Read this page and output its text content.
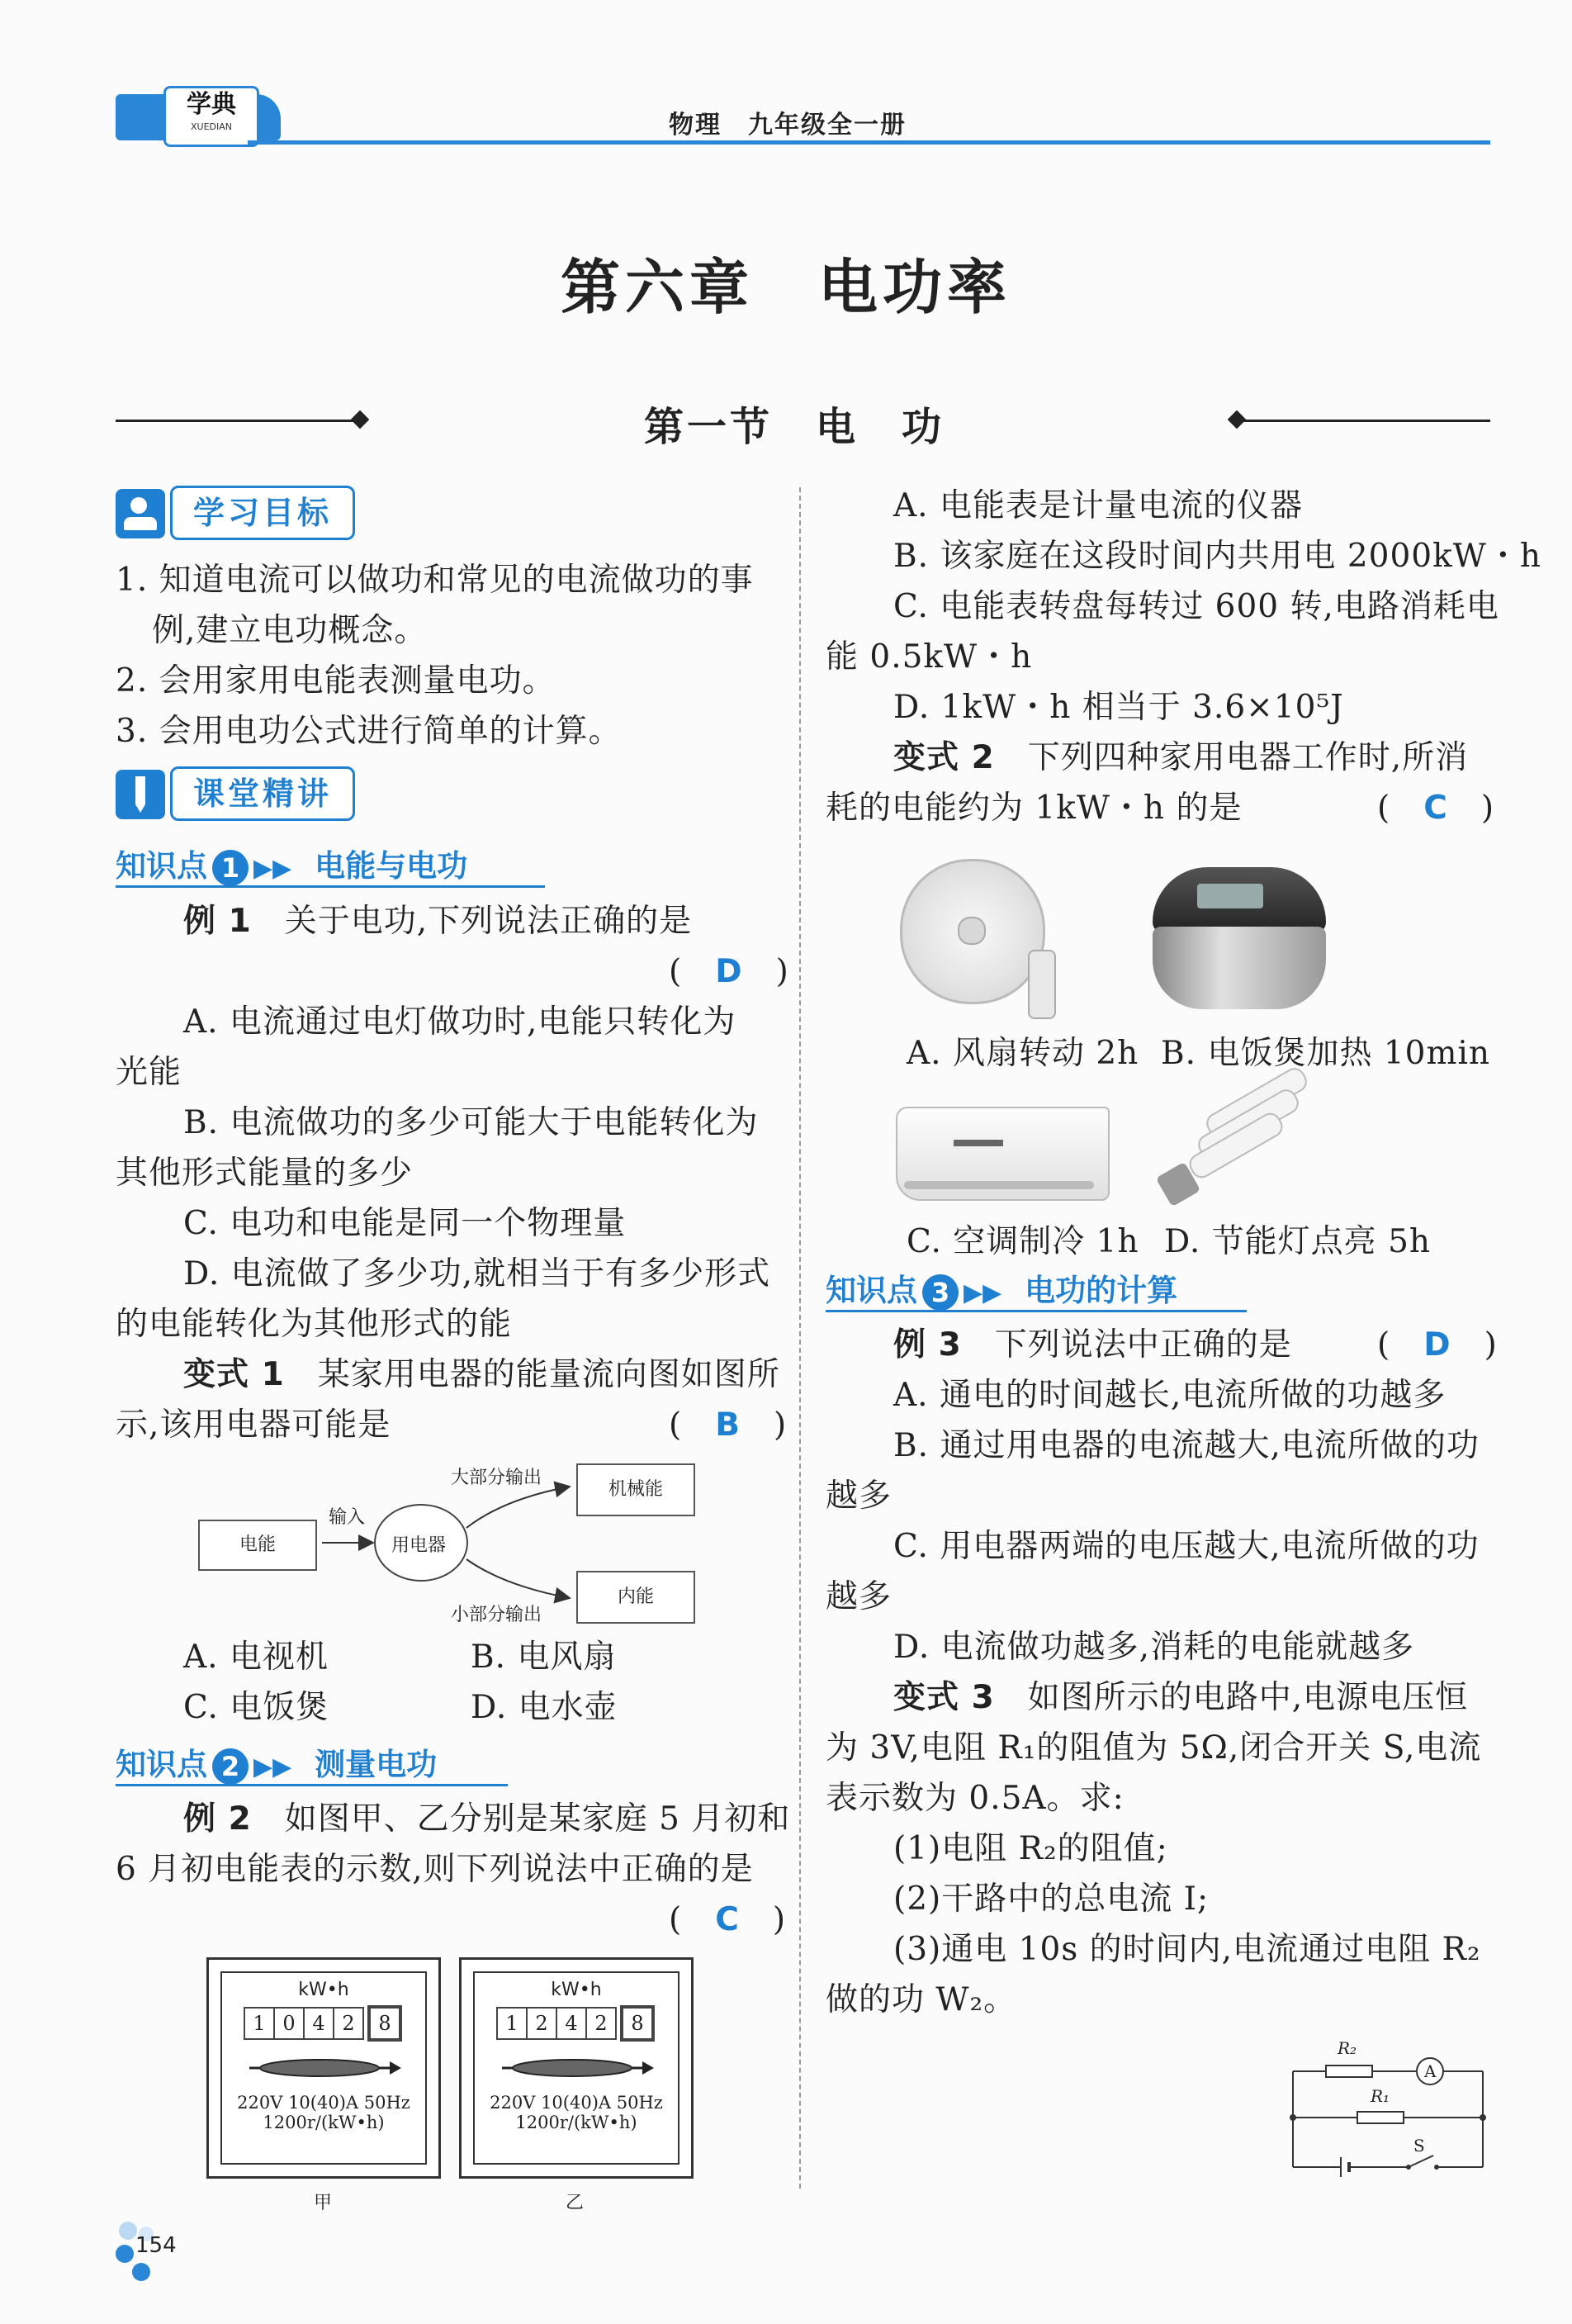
学典
XUEDIAN	物理　九年级全一册
第六章　电功率
第一节　电　功
学习目标
1. 知道电流可以做功和常见的电流做功的事
例,建立电功概念。
2. 会用家用电能表测量电功。
3. 会用电功公式进行简单的计算。
课堂精讲
知识点 1 ▶▶ 电能与电功
例 1　 关于电功,下列说法正确的是
(　D　)
A. 电流通过电灯做功时,电能只转化为
光能
B. 电流做功的多少可能大于电能转化为
其他形式能量的多少
C. 电功和电能是同一个物理量
D. 电流做了多少功,就相当于有多少形式
的电能转化为其他形式的能
变式 1　 某家用电器的能量流向图如图所
示,该用电器可能是	(　B　)
电能
输入
用电器
大部分输出
小部分输出
机械能
内能
A. 电视机	B. 电风扇
C. 电饭煲	D. 电水壶
知识点 2 ▶▶ 测量电功
例 2　 如图甲、乙分别是某家庭 5 月初和
6 月初电能表的示数,则下列说法中正确的是
(　C　)
kW•h
1 0 4 2 8
220V 10(40)A 50Hz
1200r/(kW•h)
甲
kW•h
1 2 4 2 8
220V 10(40)A 50Hz
1200r/(kW•h)
乙
154
A. 电能表是计量电流的仪器
B. 该家庭在这段时间内共用电 2000kW・h
C. 电能表转盘每转过 600 转,电路消耗电
能 0.5kW・h
D. 1kW・h 相当于 3.6×10⁵J
变式 2　 下列四种家用电器工作时,所消
耗的电能约为 1kW・h 的是	(　C　)
A. 风扇转动 2h B. 电饭煲加热 10min
C. 空调制冷 1h D. 节能灯点亮 5h
知识点 3 ▶▶ 电功的计算
例 3　 下列说法中正确的是	(　D　)
A. 通电的时间越长,电流所做的功越多
B. 通过用电器的电流越大,电流所做的功
越多
C. 用电器两端的电压越大,电流所做的功
越多
D. 电流做功越多,消耗的电能就越多
变式 3　 如图所示的电路中,电源电压恒
为 3V,电阻 R₁的阻值为 5Ω,闭合开关 S,电流
表示数为 0.5A。求:
(1)电阻 R₂的阻值;
(2)干路中的总电流 I;
(3)通电 10s 的时间内,电流通过电阻 R₂
做的功 W₂。
R₂
A
R₁
S
